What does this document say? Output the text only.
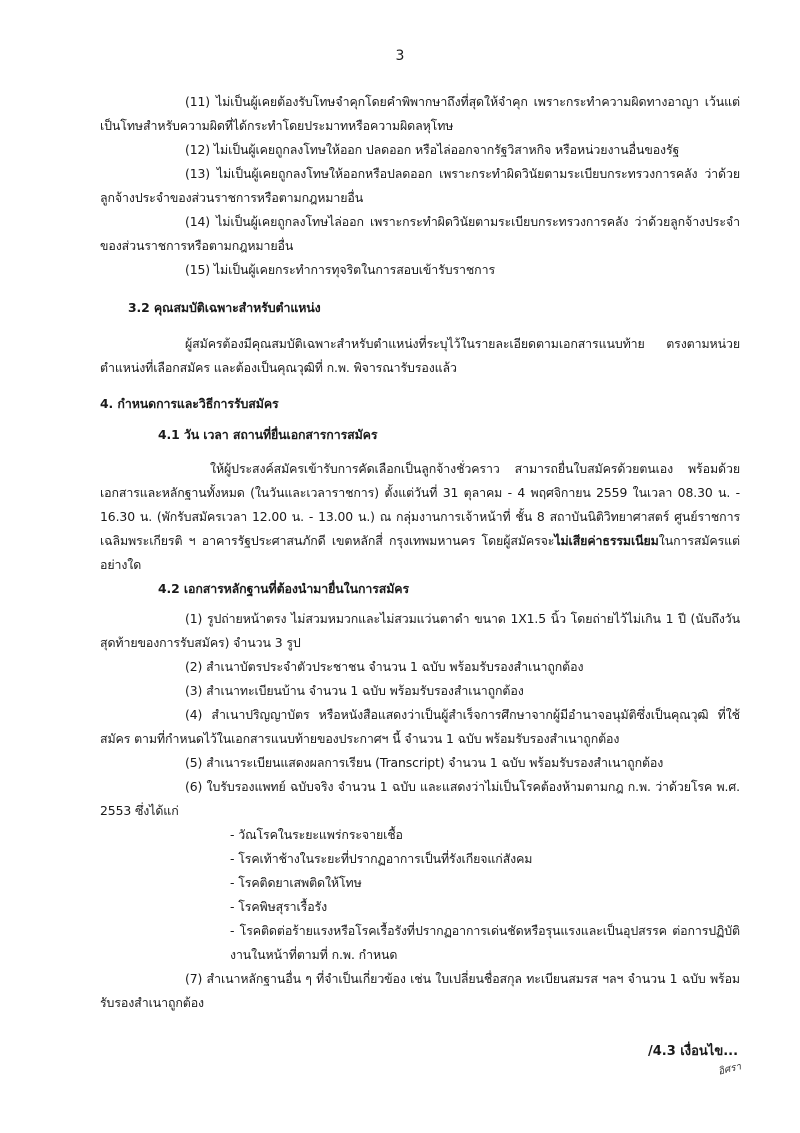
3

(11) ไม่เป็นผู้เคยต้องรับโทษจำคุกโดยคำพิพากษาถึงที่สุดให้จำคุก เพราะกระทำความผิดทางอาญา เว้นแต่เป็นโทษสำหรับความผิดที่ได้กระทำโดยประมาทหรือความผิดลหุโทษ

(12) ไม่เป็นผู้เคยถูกลงโทษให้ออก ปลดออก หรือไล่ออกจากรัฐวิสาหกิจ หรือหน่วยงานอื่นของรัฐ

(13) ไม่เป็นผู้เคยถูกลงโทษให้ออกหรือปลดออก เพราะกระทำผิดวินัยตามระเบียบกระทรวงการคลัง ว่าด้วยลูกจ้างประจำของส่วนราชการหรือตามกฎหมายอื่น

(14) ไม่เป็นผู้เคยถูกลงโทษไล่ออก เพราะกระทำผิดวินัยตามระเบียบกระทรวงการคลัง ว่าด้วยลูกจ้างประจำของส่วนราชการหรือตามกฎหมายอื่น

(15) ไม่เป็นผู้เคยกระทำการทุจริตในการสอบเข้ารับราชการ

3.2 คุณสมบัติเฉพาะสำหรับตำแหน่ง

ผู้สมัครต้องมีคุณสมบัติเฉพาะสำหรับตำแหน่งที่ระบุไว้ในรายละเอียดตามเอกสารแนบท้าย ตรงตามหน่วยตำแหน่งที่เลือกสมัคร และต้องเป็นคุณวุฒิที่ ก.พ. พิจารณารับรองแล้ว

4. กำหนดการและวิธีการรับสมัคร

4.1 วัน เวลา สถานที่ยื่นเอกสารการสมัคร

ให้ผู้ประสงค์สมัครเข้ารับการคัดเลือกเป็นลูกจ้างชั่วคราว สามารถยื่นใบสมัครด้วยตนเอง พร้อมด้วยเอกสารและหลักฐานทั้งหมด (ในวันและเวลาราชการ) ตั้งแต่วันที่ 31 ตุลาคม - 4 พฤศจิกายน 2559 ในเวลา 08.30 น. - 16.30 น. (พักรับสมัครเวลา 12.00 น. - 13.00 น.) ณ กลุ่มงานการเจ้าหน้าที่ ชั้น 8 สถาบันนิติวิทยาศาสตร์ ศูนย์ราชการเฉลิมพระเกียรติ ฯ อาคารรัฐประศาสนภักดี เขตหลักสี่ กรุงเทพมหานคร โดยผู้สมัครจะไม่เสียค่าธรรมเนียมในการสมัครแต่อย่างใด

4.2 เอกสารหลักฐานที่ต้องนำมายื่นในการสมัคร

(1) รูปถ่ายหน้าตรง ไม่สวมหมวกและไม่สวมแว่นตาดำ ขนาด 1X1.5 นิ้ว โดยถ่ายไว้ไม่เกิน 1 ปี (นับถึงวันสุดท้ายของการรับสมัคร) จำนวน 3 รูป

(2) สำเนาบัตรประจำตัวประชาชน จำนวน 1 ฉบับ พร้อมรับรองสำเนาถูกต้อง

(3) สำเนาทะเบียนบ้าน จำนวน 1 ฉบับ พร้อมรับรองสำเนาถูกต้อง

(4) สำเนาปริญญาบัตร หรือหนังสือแสดงว่าเป็นผู้สำเร็จการศึกษาจากผู้มีอำนาจอนุมัติซึ่งเป็นคุณวุฒิ ที่ใช้สมัคร ตามที่กำหนดไว้ในเอกสารแนบท้ายของประกาศฯ นี้ จำนวน 1 ฉบับ พร้อมรับรองสำเนาถูกต้อง

(5) สำเนาระเบียนแสดงผลการเรียน (Transcript) จำนวน 1 ฉบับ พร้อมรับรองสำเนาถูกต้อง

(6) ใบรับรองแพทย์ ฉบับจริง จำนวน 1 ฉบับ และแสดงว่าไม่เป็นโรคต้องห้ามตามกฎ ก.พ. ว่าด้วยโรค พ.ศ. 2553 ซึ่งได้แก่

- วัณโรคในระยะแพร่กระจายเชื้อ

- โรคเท้าช้างในระยะที่ปรากฏอาการเป็นที่รังเกียจแก่สังคม

- โรคติดยาเสพติดให้โทษ

- โรคพิษสุราเรื้อรัง

- โรคติดต่อร้ายแรงหรือโรคเรื้อรังที่ปรากฏอาการเด่นชัดหรือรุนแรงและเป็นอุปสรรค ต่อการปฏิบัติงานในหน้าที่ตามที่ ก.พ. กำหนด

(7) สำเนาหลักฐานอื่น ๆ ที่จำเป็นเกี่ยวข้อง เช่น ใบเปลี่ยนชื่อสกุล ทะเบียนสมรส ฯลฯ จำนวน 1 ฉบับ พร้อมรับรองสำเนาถูกต้อง

/4.3 เงื่อนไข...
อิศรา
